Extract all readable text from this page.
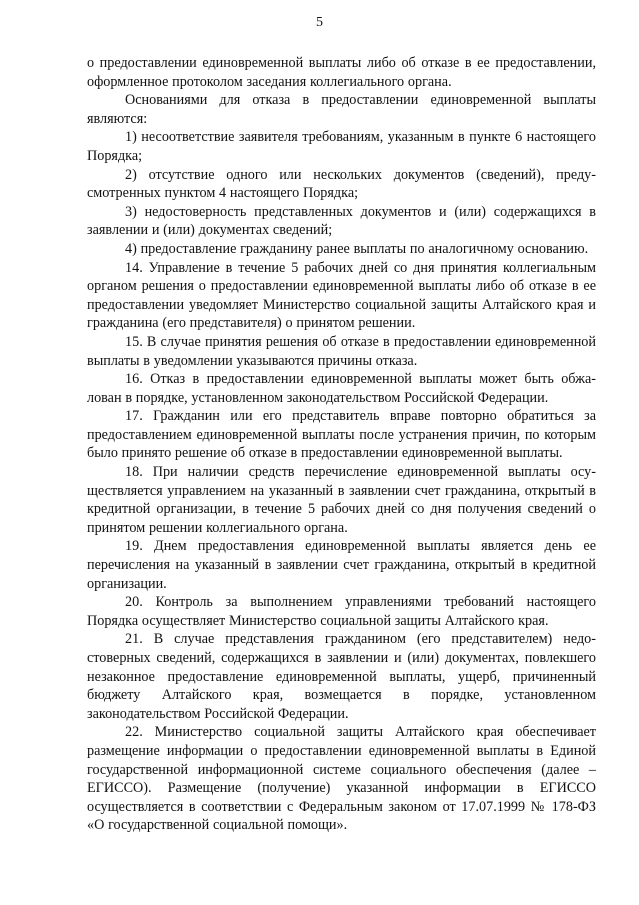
5

о предоставлении единовременной выплаты либо об отказе в ее предоставлении, оформленное протоколом заседания коллегиального органа.

Основаниями для отказа в предоставлении единовременной выплаты являются:

1) несоответствие заявителя требованиям, указанным в пункте 6 настоящего Порядка;

2) отсутствие одного или нескольких документов (сведений), предусмотренных пунктом 4 настоящего Порядка;

3) недостоверность представленных документов и (или) содержащихся в заявлении и (или) документах сведений;

4) предоставление гражданину ранее выплаты по аналогичному основанию.

14. Управление в течение 5 рабочих дней со дня принятия коллегиальным органом решения о предоставлении единовременной выплаты либо об отказе в ее предоставлении уведомляет Министерство социальной защиты Алтайского края и гражданина (его представителя) о принятом решении.

15. В случае принятия решения об отказе в предоставлении единовременной выплаты в уведомлении указываются причины отказа.

16. Отказ в предоставлении единовременной выплаты может быть обжалован в порядке, установленном законодательством Российской Федерации.

17. Гражданин или его представитель вправе повторно обратиться за предоставлением единовременной выплаты после устранения причин, по которым было принято решение об отказе в предоставлении единовременной выплаты.

18. При наличии средств перечисление единовременной выплаты осуществляется управлением на указанный в заявлении счет гражданина, открытый в кредитной организации, в течение 5 рабочих дней со дня получения сведений о принятом решении коллегиального органа.

19. Днем предоставления единовременной выплаты является день ее перечисления на указанный в заявлении счет гражданина, открытый в кредитной организации.

20. Контроль за выполнением управлениями требований настоящего Порядка осуществляет Министерство социальной защиты Алтайского края.

21. В случае представления гражданином (его представителем) недостоверных сведений, содержащихся в заявлении и (или) документах, повлекшего незаконное предоставление единовременной выплаты, ущерб, причиненный бюджету Алтайского края, возмещается в порядке, установленном законодательством Российской Федерации.

22. Министерство социальной защиты Алтайского края обеспечивает размещение информации о предоставлении единовременной выплаты в Единой государственной информационной системе социального обеспечения (далее – ЕГИССО). Размещение (получение) указанной информации в ЕГИССО осуществляется в соответствии с Федеральным законом от 17.07.1999 № 178-ФЗ «О государственной социальной помощи».
